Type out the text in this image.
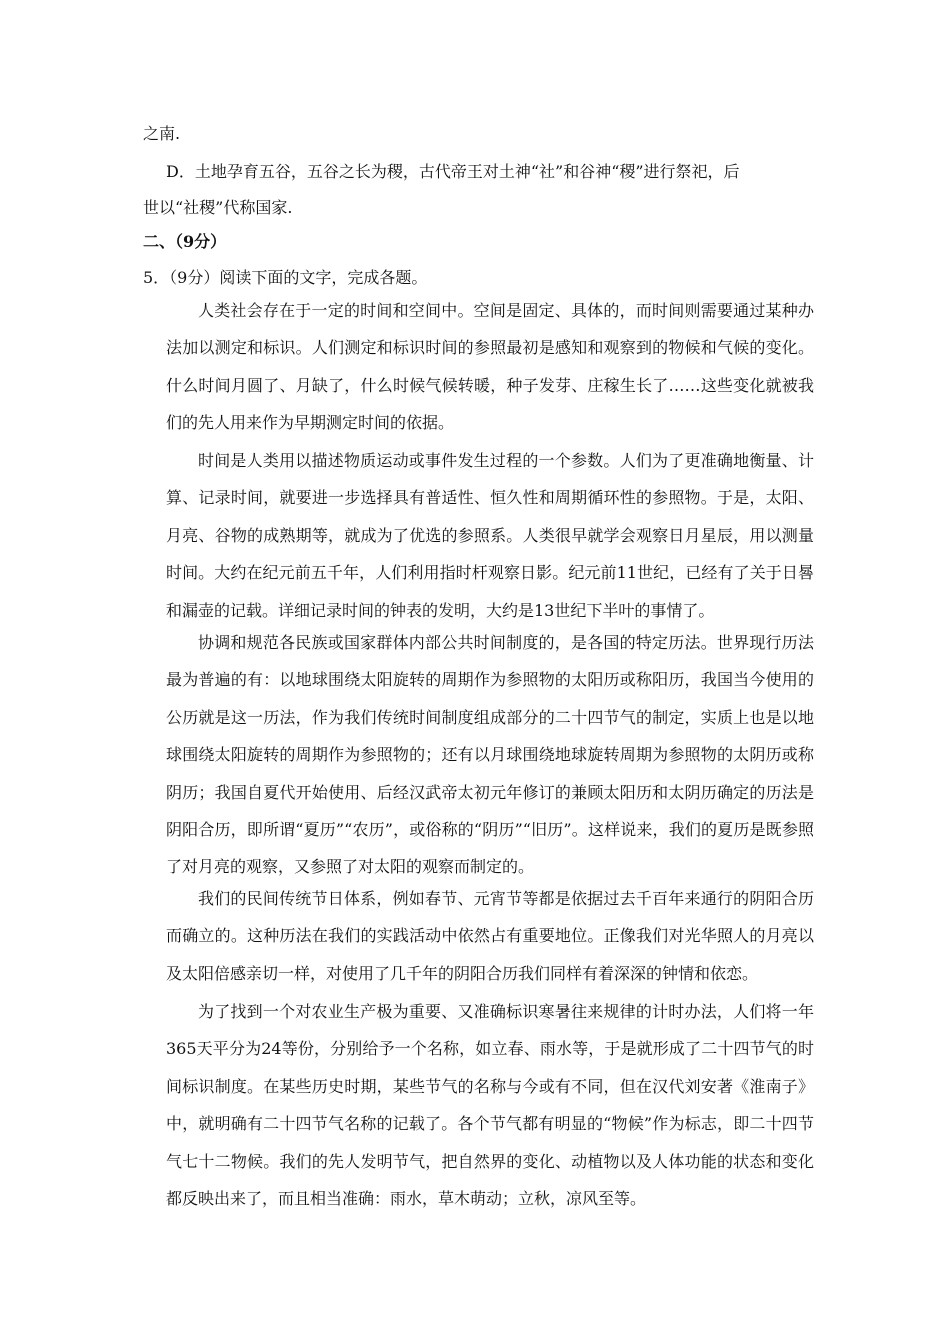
之南.
D．土地孕育五谷，五谷之长为稷，古代帝王对土神“社”和谷神“稷”进行祭祀，后
世以“社稷”代称国家.
二、（9分）
5．（9分）阅读下面的文字，完成各题。

人类社会存在于一定的时间和空间中。空间是固定、具体的，而时间则需要通过某种办法加以测定和标识。人们测定和标识时间的参照最初是感知和观察到的物候和气候的变化。什么时间月圆了、月缺了，什么时候气候转暖，种子发芽、庄稼生长了……这些变化就被我们的先人用来作为早期测定时间的依据。

时间是人类用以描述物质运动或事件发生过程的一个参数。人们为了更准确地衡量、计算、记录时间，就要进一步选择具有普适性、恒久性和周期循环性的参照物。于是，太阳、月亮、谷物的成熟期等，就成为了优选的参照系。人类很早就学会观察日月星辰，用以测量时间。大约在纪元前五千年，人们利用指时杆观察日影。纪元前11世纪，已经有了关于日晷和漏壶的记载。详细记录时间的钟表的发明，大约是13世纪下半叶的事情了。

协调和规范各民族或国家群体内部公共时间制度的，是各国的特定历法。世界现行历法最为普遍的有：以地球围绕太阳旋转的周期作为参照物的太阳历或称阳历，我国当今使用的公历就是这一历法，作为我们传统时间制度组成部分的二十四节气的制定，实质上也是以地球围绕太阳旋转的周期作为参照物的；还有以月球围绕地球旋转周期为参照物的太阴历或称阴历；我国自夏代开始使用、后经汉武帝太初元年修订的兼顾太阳历和太阴历确定的历法是阴阳合历，即所谓“夏历”“农历”，或俗称的“阴历”“旧历”。这样说来，我们的夏历是既参照了对月亮的观察，又参照了对太阳的观察而制定的。

我们的民间传统节日体系，例如春节、元宵节等都是依据过去千百年来通行的阴阳合历而确立的。这种历法在我们的实践活动中依然占有重要地位。正像我们对光华照人的月亮以及太阳倍感亲切一样，对使用了几千年的阴阳合历我们同样有着深深的钟情和依恋。

为了找到一个对农业生产极为重要、又准确标识寒暑往来规律的计时办法，人们将一年365天平分为24等份，分别给予一个名称，如立春、雨水等，于是就形成了二十四节气的时间标识制度。在某些历史时期，某些节气的名称与今或有不同，但在汉代刘安著《淮南子》中，就明确有二十四节气名称的记载了。各个节气都有明显的“物候”作为标志，即二十四节气七十二物候。我们的先人发明节气，把自然界的变化、动植物以及人体功能的状态和变化都反映出来了，而且相当准确：雨水，草木萌动；立秋，凉风至等。
